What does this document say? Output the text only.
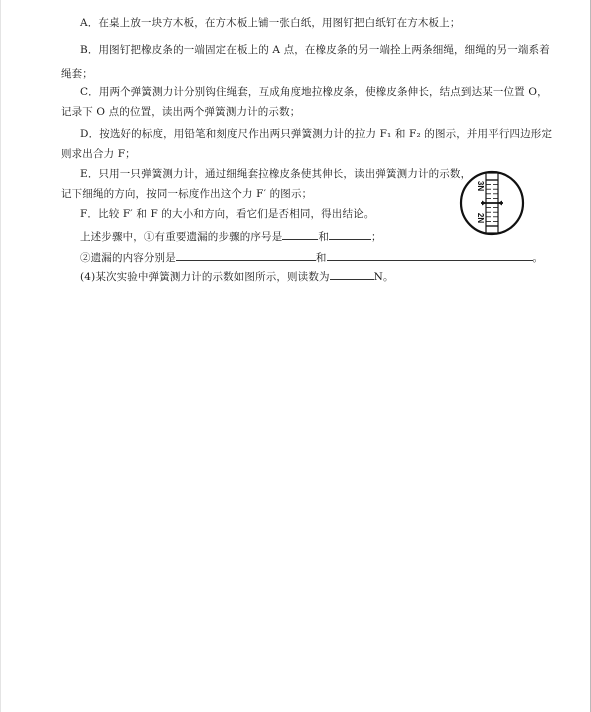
A．在桌上放一块方木板，在方木板上铺一张白纸，用图钉把白纸钉在方木板上；
B．用图钉把橡皮条的一端固定在板上的 A 点，在橡皮条的另一端拴上两条细绳，细绳的另一端系着
绳套；
C．用两个弹簧测力计分别钩住绳套，互成角度地拉橡皮条，使橡皮条伸长，结点到达某一位置 O，
记录下 O 点的位置，读出两个弹簧测力计的示数；
D．按选好的标度，用铅笔和刻度尺作出两只弹簧测力计的拉力 F₁ 和 F₂ 的图示，并用平行四边形定
则求出合力 F；
E．只用一只弹簧测力计，通过细绳套拉橡皮条使其伸长，读出弹簧测力计的示数，
记下细绳的方向，按同一标度作出这个力 F′ 的图示；
F．比较 F′ 和 F 的大小和方向，看它们是否相同，得出结论。
上述步骤中，①有重要遗漏的步骤的序号是	和	；
②遗漏的内容分别是	和	。
(4)某次实验中弹簧测力计的示数如图所示，则读数为	N。
3N
2N
